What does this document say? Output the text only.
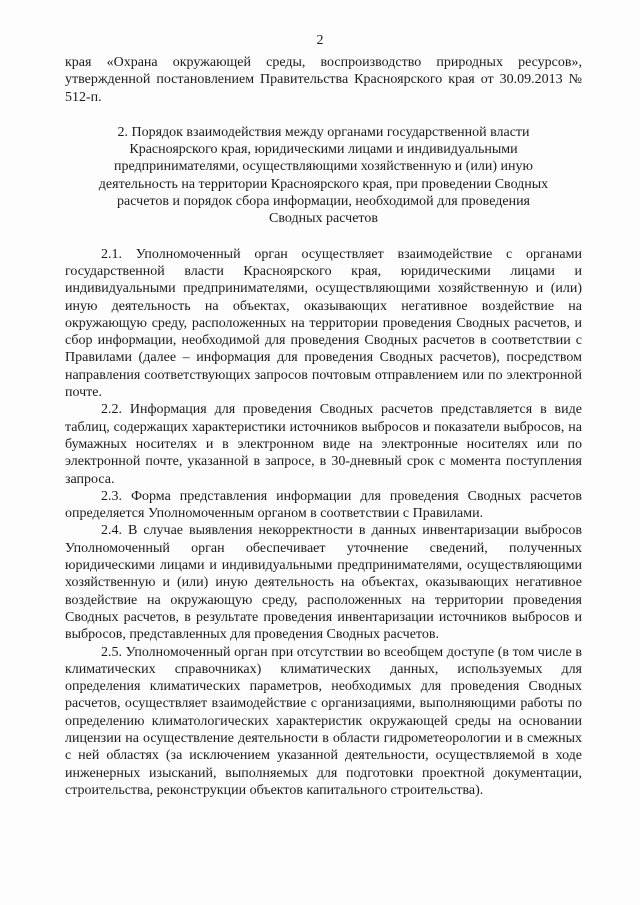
2

края «Охрана окружающей среды, воспроизводство природных ресурсов», утвержденной постановлением Правительства Красноярского края от 30.09.2013 № 512-п.

2. Порядок взаимодействия между органами государственной власти Красноярского края, юридическими лицами и индивидуальными предпринимателями, осуществляющими хозяйственную и (или) иную деятельность на территории Красноярского края, при проведении Сводных расчетов и порядок сбора информации, необходимой для проведения Сводных расчетов

2.1. Уполномоченный орган осуществляет взаимодействие с органами государственной власти Красноярского края, юридическими лицами и индивидуальными предпринимателями, осуществляющими хозяйственную и (или) иную деятельность на объектах, оказывающих негативное воздействие на окружающую среду, расположенных на территории проведения Сводных расчетов, и сбор информации, необходимой для проведения Сводных расчетов в соответствии с Правилами (далее – информация для проведения Сводных расчетов), посредством направления соответствующих запросов почтовым отправлением или по электронной почте.

2.2. Информация для проведения Сводных расчетов представляется в виде таблиц, содержащих характеристики источников выбросов и показатели выбросов, на бумажных носителях и в электронном виде на электронные носителях или по электронной почте, указанной в запросе, в 30-дневный срок с момента поступления запроса.

2.3. Форма представления информации для проведения Сводных расчетов определяется Уполномоченным органом в соответствии с Правилами.

2.4. В случае выявления некорректности в данных инвентаризации выбросов Уполномоченный орган обеспечивает уточнение сведений, полученных юридическими лицами и индивидуальными предпринимателями, осуществляющими хозяйственную и (или) иную деятельность на объектах, оказывающих негативное воздействие на окружающую среду, расположенных на территории проведения Сводных расчетов, в результате проведения инвентаризации источников выбросов и выбросов, представленных для проведения Сводных расчетов.

2.5. Уполномоченный орган при отсутствии во всеобщем доступе (в том числе в климатических справочниках) климатических данных, используемых для определения климатических параметров, необходимых для проведения Сводных расчетов, осуществляет взаимодействие с организациями, выполняющими работы по определению климатологических характеристик окружающей среды на основании лицензии на осуществление деятельности в области гидрометеорологии и в смежных с ней областях (за исключением указанной деятельности, осуществляемой в ходе инженерных изысканий, выполняемых для подготовки проектной документации, строительства, реконструкции объектов капитального строительства).
